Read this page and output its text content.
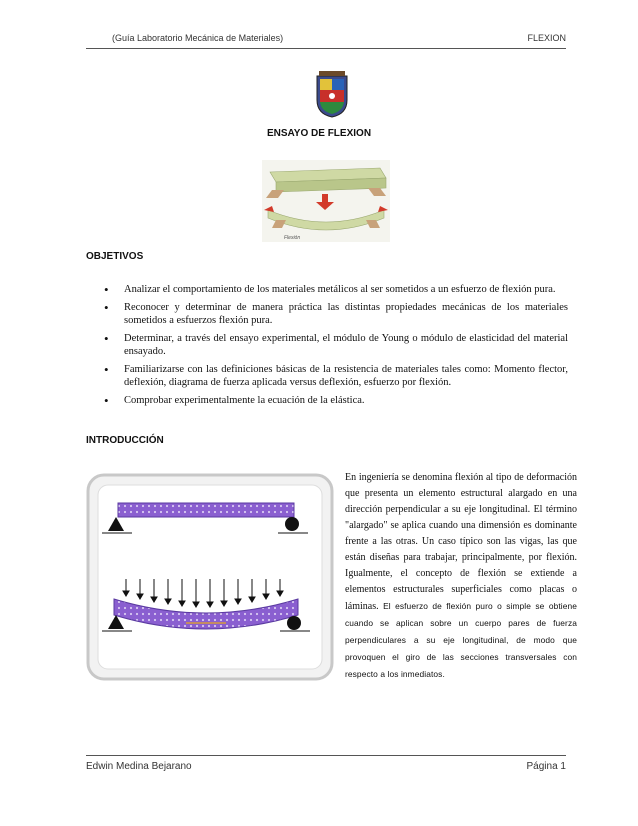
(Guía Laboratorio Mecánica de Materiales)	FLEXION
ENSAYO DE FLEXION
Flexión
OBJETIVOS
• Analizar el comportamiento de los materiales metálicos al ser sometidos a un esfuerzo de flexión pura.
• Reconocer y determinar de manera práctica las distintas propiedades mecánicas de los materiales sometidos a esfuerzos flexión pura.
• Determinar, a través del ensayo experimental, el módulo de Young o módulo de elasticidad del material ensayado.
• Familiarizarse con las definiciones básicas de la resistencia de materiales tales como: Momento flector, deflexión, diagrama de fuerza aplicada versus deflexión, esfuerzo por flexión.
• Comprobar experimentalmente la ecuación de la elástica.
INTRODUCCIÓN
En ingeniería se denomina flexión al tipo de deformación que presenta un elemento estructural alargado en una dirección perpendicular a su eje longitudinal. El término "alargado" se aplica cuando una dimensión es dominante frente a las otras. Un caso típico son las vigas, las que están diseñas para trabajar, principalmente, por flexión. Igualmente, el concepto de flexión se extiende a elementos estructurales superficiales como placas o láminas. El esfuerzo de flexión puro o simple se obtiene cuando se aplican sobre un cuerpo pares de fuerza perpendiculares a su eje longitudinal, de modo que provoquen el giro de las secciones transversales con respecto a los inmediatos.
Edwin Medina Bejarano	Página 1
